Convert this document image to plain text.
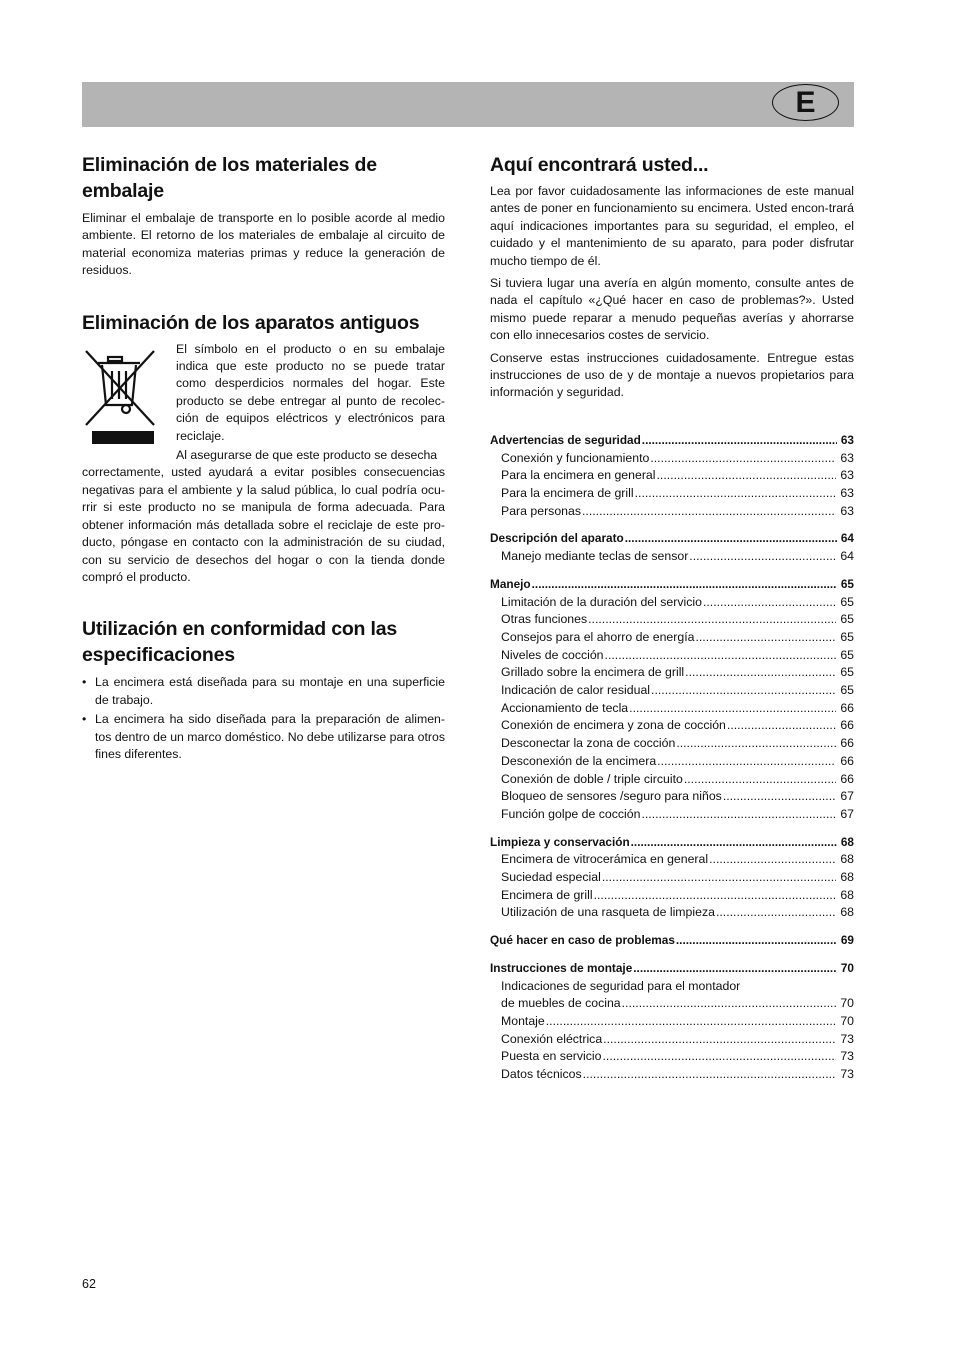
E
Eliminación de los materiales de embalaje

Eliminar el embalaje de transporte en lo posible acorde al medio ambiente. El retorno de los materiales de embalaje al circuito de material economiza materias primas y reduce la generación de residuos.

Eliminación de los aparatos antiguos

El símbolo en el producto o en su embalaje indica que este producto no se puede tratar como desperdicios normales del hogar. Este producto se debe entregar al punto de recolec-ción de equipos eléctricos y electrónicos para reciclaje.

Al asegurarse de que este producto se desecha

correctamente, usted ayudará a evitar posibles consecuencias negativas para el ambiente y la salud pública, lo cual podría ocu-rrir si este producto no se manipula de forma adecuada. Para obtener información más detallada sobre el reciclaje de este pro-ducto, póngase en contacto con la administración de su ciudad, con su servicio de desechos del hogar o con la tienda donde compró el producto.

Utilización en conformidad con las especificaciones
• La encimera está diseñada para su montaje en una superficie de trabajo.
• La encimera ha sido diseñada para la preparación de alimen-tos dentro de un marco doméstico. No debe utilizarse para otros fines diferentes.
Aquí encontrará usted...

Lea por favor cuidadosamente las informaciones de este manual antes de poner en funcionamiento su encimera. Usted encon-trará aquí indicaciones importantes para su seguridad, el empleo, el cuidado y el mantenimiento de su aparato, para poder disfrutar mucho tiempo de él.

Si tuviera lugar una avería en algún momento, consulte antes de nada el capítulo «¿Qué hacer en caso de problemas?». Usted mismo puede reparar a menudo pequeñas averías y ahorrarse con ello innecesarios costes de servicio.

Conserve estas instrucciones cuidadosamente. Entregue estas instrucciones de uso de y de montaje a nuevos propietarios para información y seguridad.

Advertencias de seguridad .....	63
Conexión y funcionamiento .....	63
Para la encimera en general .....	63
Para la encimera de grill .....	63
Para personas .....	63
Descripción del aparato .....	64
Manejo mediante teclas de sensor .....	64
Manejo .....	65
Limitación de la duración del servicio .....	65
Otras funciones .....	65
Consejos para el ahorro de energía .....	65
Niveles de cocción .....	65
Grillado sobre la encimera de grill .....	65
Indicación de calor residual .....	65
Accionamiento de tecla .....	66
Conexión de encimera y zona de cocción .....	66
Desconectar la zona de cocción .....	66
Desconexión de la encimera .....	66
Conexión de doble / triple circuito .....	66
Bloqueo de sensores /seguro para niños .....	67
Función golpe de cocción .....	67
Limpieza y conservación .....	68
Encimera de vitrocerámica en general .....	68
Suciedad especial .....	68
Encimera de grill .....	68
Utilización de una rasqueta de limpieza .....	68
Qué hacer en caso de problemas .....	69
Instrucciones de montaje .....	70
Indicaciones de seguridad para el montador
de muebles de cocina .....	70
Montaje .....	70
Conexión eléctrica .....	73
Puesta en servicio .....	73
Datos técnicos .....	73
62
